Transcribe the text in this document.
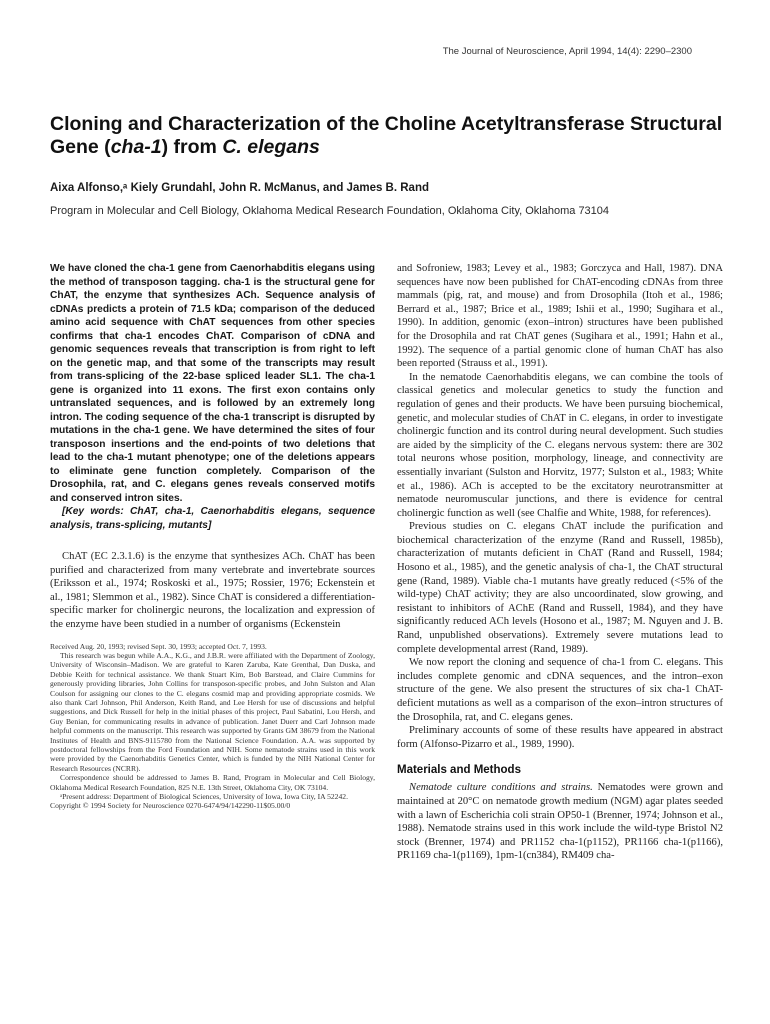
The Journal of Neuroscience, April 1994, 14(4): 2290–2300
Cloning and Characterization of the Choline Acetyltransferase Structural Gene (cha-1) from C. elegans

Aixa Alfonso,ᵃ Kiely Grundahl, John R. McManus, and James B. Rand

Program in Molecular and Cell Biology, Oklahoma Medical Research Foundation, Oklahoma City, Oklahoma 73104

We have cloned the cha-1 gene from Caenorhabditis elegans using the method of transposon tagging. cha-1 is the structural gene for ChAT, the enzyme that synthesizes ACh. Sequence analysis of cDNAs predicts a protein of 71.5 kDa; comparison of the deduced amino acid sequence with ChAT sequences from other species confirms that cha-1 encodes ChAT. Comparison of cDNA and genomic sequences reveals that transcription is from right to left on the genetic map, and that some of the transcripts may result from trans-splicing of the 22-base spliced leader SL1. The cha-1 gene is organized into 11 exons. The first exon contains only untranslated sequences, and is followed by an extremely long intron. The coding sequence of the cha-1 transcript is disrupted by mutations in the cha-1 gene. We have determined the sites of four transposon insertions and the end-points of two deletions that lead to the cha-1 mutant phenotype; one of the deletions appears to eliminate gene function completely. Comparison of the Drosophila, rat, and C. elegans genes reveals conserved motifs and conserved intron sites.
[Key words: ChAT, cha-1, Caenorhabditis elegans, sequence analysis, trans-splicing, mutants]

ChAT (EC 2.3.1.6) is the enzyme that synthesizes ACh. ChAT has been purified and characterized from many vertebrate and invertebrate sources (Eriksson et al., 1974; Roskoski et al., 1975; Rossier, 1976; Eckenstein et al., 1981; Slemmon et al., 1982). Since ChAT is considered a differentiation-specific marker for cholinergic neurons, the localization and expression of the enzyme have been studied in a number of organisms (Eckenstein

Received Aug. 20, 1993; revised Sept. 30, 1993; accepted Oct. 7, 1993.

This research was begun while A.A., K.G., and J.B.R. were affiliated with the Department of Zoology, University of Wisconsin–Madison. We are grateful to Karen Zaruba, Kate Grenthal, Dan Duska, and Debbie Keith for technical assistance. We thank Stuart Kim, Bob Barstead, and Claire Cummins for generously providing libraries, John Collins for transposon-specific probes, and John Sulston and Alan Coulson for assigning our clones to the C. elegans cosmid map and providing appropriate cosmids. We also thank Carl Johnson, Phil Anderson, Keith Rand, and Lee Hersh for use of discussions and helpful suggestions, and Dick Russell for help in the initial phases of this project, Paul Sabatini, Lou Hersh, and Guy Benian, for communicating results in advance of publication. Janet Duerr and Carl Johnson made helpful comments on the manuscript. This research was supported by Grants GM 38679 from the National Institutes of Health and BNS-9115780 from the National Science Foundation. A.A. was supported by postdoctoral fellowships from the Ford Foundation and NIH. Some nematode strains used in this work were provided by the Caenorhabditis Genetics Center, which is funded by the NIH National Center for Research Resources (NCRR).

Correspondence should be addressed to James B. Rand, Program in Molecular and Cell Biology, Oklahoma Medical Research Foundation, 825 N.E. 13th Street, Oklahoma City, OK 73104.

ᵃPresent address: Department of Biological Sciences, University of Iowa, Iowa City, IA 52242.

Copyright © 1994 Society for Neuroscience 0270-6474/94/142290-11$05.00/0

and Sofroniew, 1983; Levey et al., 1983; Gorczyca and Hall, 1987). DNA sequences have now been published for ChAT-encoding cDNAs from three mammals (pig, rat, and mouse) and from Drosophila (Itoh et al., 1986; Berrard et al., 1987; Brice et al., 1989; Ishii et al., 1990; Sugihara et al., 1990). In addition, genomic (exon–intron) structures have been published for the Drosophila and rat ChAT genes (Sugihara et al., 1991; Hahn et al., 1992). The sequence of a partial genomic clone of human ChAT has also been reported (Strauss et al., 1991).

In the nematode Caenorhabditis elegans, we can combine the tools of classical genetics and molecular genetics to study the function and regulation of genes and their products. We have been pursuing biochemical, genetic, and molecular studies of ChAT in C. elegans, in order to investigate cholinergic function and its control during neural development. Such studies are aided by the simplicity of the C. elegans nervous system: there are 302 total neurons whose position, morphology, lineage, and connectivity are essentially invariant (Sulston and Horvitz, 1977; Sulston et al., 1983; White et al., 1986). ACh is accepted to be the excitatory neurotransmitter at nematode neuromuscular junctions, and there is evidence for central cholinergic function as well (see Chalfie and White, 1988, for references).

Previous studies on C. elegans ChAT include the purification and biochemical characterization of the enzyme (Rand and Russell, 1985b), characterization of mutants deficient in ChAT (Rand and Russell, 1984; Hosono et al., 1985), and the genetic analysis of cha-1, the ChAT structural gene (Rand, 1989). Viable cha-1 mutants have greatly reduced (<5% of the wild-type) ChAT activity; they are also uncoordinated, slow growing, and resistant to inhibitors of AChE (Rand and Russell, 1984), and they have significantly reduced ACh levels (Hosono et al., 1987; M. Nguyen and J. B. Rand, unpublished observations). Extremely severe mutations lead to complete developmental arrest (Rand, 1989).

We now report the cloning and sequence of cha-1 from C. elegans. This includes complete genomic and cDNA sequences, and the intron–exon structure of the gene. We also present the structures of six cha-1 ChAT-deficient mutations as well as a comparison of the exon–intron structures of the Drosophila, rat, and C. elegans genes.

Preliminary accounts of some of these results have appeared in abstract form (Alfonso-Pizarro et al., 1989, 1990).

Materials and Methods

Nematode culture conditions and strains. Nematodes were grown and maintained at 20°C on nematode growth medium (NGM) agar plates seeded with a lawn of Escherichia coli strain OP50-1 (Brenner, 1974; Johnson et al., 1988). Nematode strains used in this work include the wild-type Bristol N2 stock (Brenner, 1974) and PR1152 cha-1(p1152), PR1166 cha-1(p1166), PR1169 cha-1(p1169), 1pm-1(cn384), RM409 cha-
